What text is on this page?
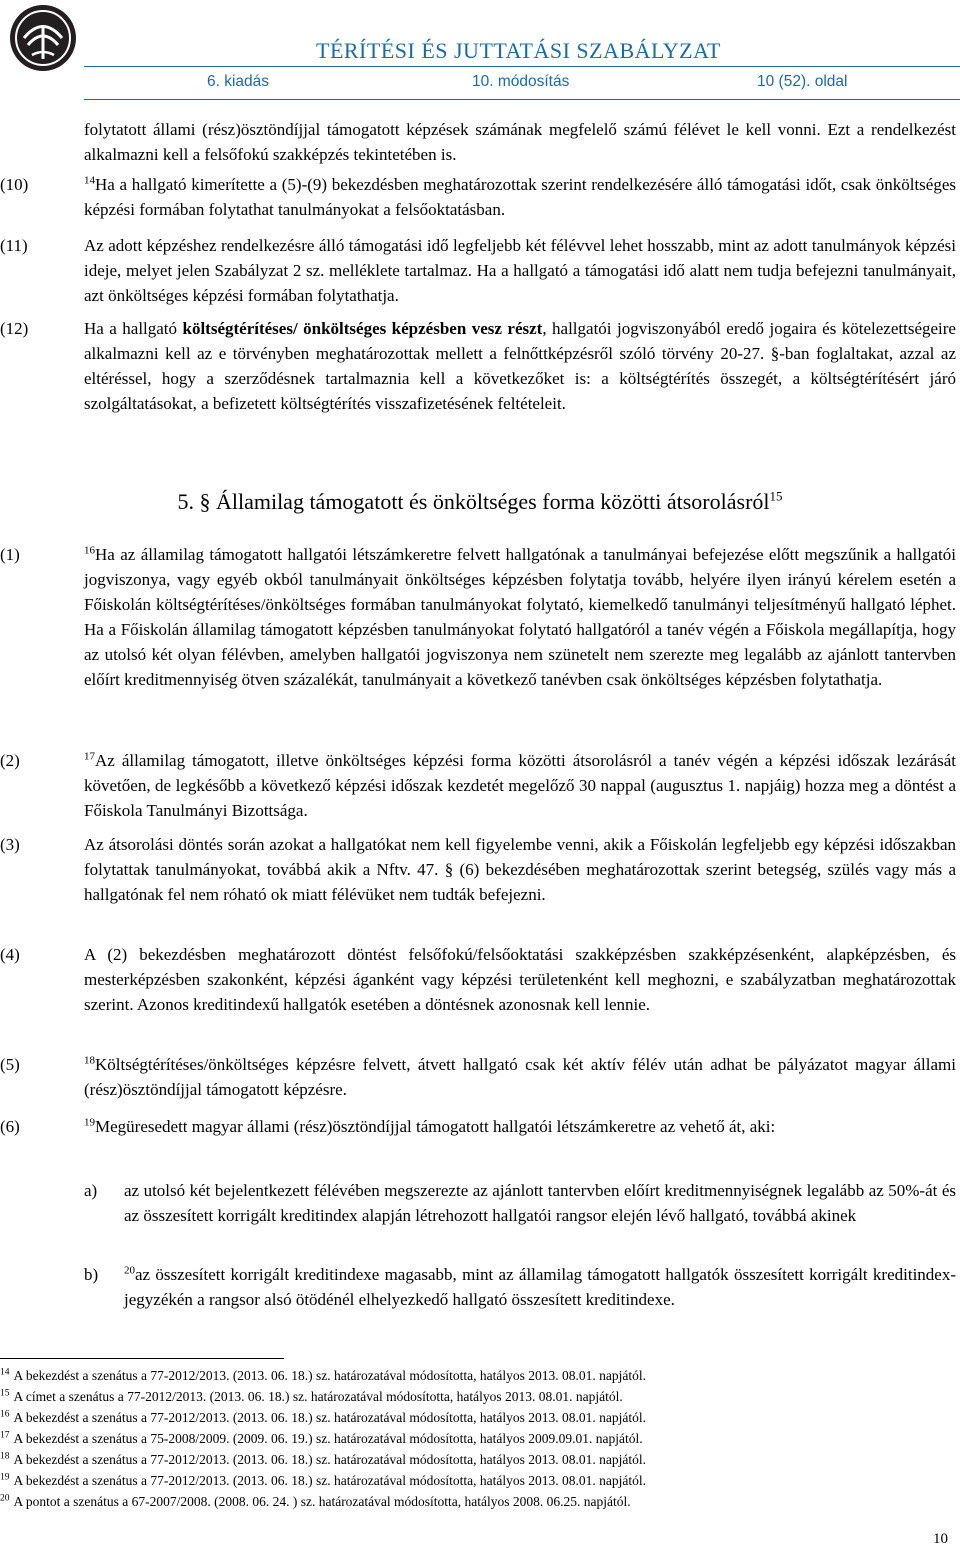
TÉRÍTÉSI ÉS JUTTATÁSI SZABÁLYZAT
6. kiadás	10. módosítás	10 (52). oldal
folytatott állami (rész)ösztöndíjjal támogatott képzések számának megfelelő számú félévet le kell vonni. Ezt a rendelkezést alkalmazni kell a felsőfokú szakképzés tekintetében is.
(10)	$^{14}$Ha a hallgató kimerítette a (5)-(9) bekezdésben meghatározottak szerint rendelkezésére álló támogatási időt, csak önköltséges képzési formában folytathat tanulmányokat a felsőoktatásban.
(11)	Az adott képzéshez rendelkezésre álló támogatási idő legfeljebb két félévvel lehet hosszabb, mint az adott tanulmányok képzési ideje, melyet jelen Szabályzat 2 sz. melléklete tartalmaz. Ha a hallgató a támogatási idő alatt nem tudja befejezni tanulmányait, azt önköltséges képzési formában folytathatja.
(12)	Ha a hallgató költségtérítéses/ önköltséges képzésben vesz részt, hallgatói jogviszonyából eredő jogaira és kötelezettségeire alkalmazni kell az e törvényben meghatározottak mellett a felnőttképzésről szóló törvény 20-27. §-ban foglaltakat, azzal az eltéréssel, hogy a szerződésnek tartalmaznia kell a következőket is: a költségtérítés összegét, a költségtérítésért járó szolgáltatásokat, a befizetett költségtérítés visszafizetésének feltételeit.
5. § Államilag támogatott és önköltséges forma közötti átsorolásról$^{15}$
(1)	$^{16}$Ha az államilag támogatott hallgatói létszámkeretre felvett hallgatónak a tanulmányai befejezése előtt megszűnik a hallgatói jogviszonya, vagy egyéb okból tanulmányait önköltséges képzésben folytatja tovább, helyére ilyen irányú kérelem esetén a Főiskolán költségtérítéses/önköltséges formában tanulmányokat folytató, kiemelkedő tanulmányi teljesítményű hallgató léphet. Ha a Főiskolán államilag támogatott képzésben tanulmányokat folytató hallgatóról a tanév végén a Főiskola megállapítja, hogy az utolsó két olyan félévben, amelyben hallgatói jogviszonya nem szünetelt nem szerezte meg legalább az ajánlott tantervben előírt kreditmennyiség ötven százalékát, tanulmányait a következő tanévben csak önköltséges képzésben folytathatja.
(2)	$^{17}$Az államilag támogatott, illetve önköltséges képzési forma közötti átsorolásról a tanév végén a képzési időszak lezárását követően, de legkésőbb a következő képzési időszak kezdetét megelőző 30 nappal (augusztus 1. napjáig) hozza meg a döntést a Főiskola Tanulmányi Bizottsága.
(3)	Az átsorolási döntés során azokat a hallgatókat nem kell figyelembe venni, akik a Főiskolán legfeljebb egy képzési időszakban folytattak tanulmányokat, továbbá akik a Nftv. 47. § (6) bekezdésében meghatározottak szerint betegség, szülés vagy más a hallgatónak fel nem róható ok miatt félévüket nem tudták befejezni.
(4)	A (2) bekezdésben meghatározott döntést felsőfokú/felsőoktatási szakképzésben szakképzésenként, alapképzésben, és mesterképzésben szakonként, képzési áganként vagy képzési területenként kell meghozni, e szabályzatban meghatározottak szerint. Azonos kreditindexű hallgatók esetében a döntésnek azonosnak kell lennie.
(5)	$^{18}$Költségtérítéses/önköltséges képzésre felvett, átvett hallgató csak két aktív félév után adhat be pályázatot magyar állami (rész)ösztöndíjjal támogatott képzésre.
(6)	$^{19}$Megüresedett magyar állami (rész)ösztöndíjjal támogatott hallgatói létszámkeretre az vehető át, aki:
a) az utolsó két bejelentkezett félévében megszerezte az ajánlott tantervben előírt kreditmennyiségnek legalább az 50%-át és az összesített korrigált kreditindex alapján létrehozott hallgatói rangsor elején lévő hallgató, továbbá akinek
b) $^{20}$az összesített korrigált kreditindexe magasabb, mint az államilag támogatott hallgatók összesített korrigált kreditindex-jegyzékén a rangsor alsó ötödénél elhelyezkedő hallgató összesített kreditindexe.
$^{14}$ A bekezdést a szenátus a 77-2012/2013. (2013. 06. 18.) sz. határozatával módosította, hatályos 2013. 08.01. napjától.
$^{15}$ A címet a szenátus a 77-2012/2013. (2013. 06. 18.) sz. határozatával módosította, hatályos 2013. 08.01. napjától.
$^{16}$ A bekezdést a szenátus a 77-2012/2013. (2013. 06. 18.) sz. határozatával módosította, hatályos 2013. 08.01. napjától.
$^{17}$ A bekezdést a szenátus a 75-2008/2009. (2009. 06. 19.) sz. határozatával módosította, hatályos 2009.09.01. napjától.
$^{18}$ A bekezdést a szenátus a 77-2012/2013. (2013. 06. 18.) sz. határozatával módosította, hatályos 2013. 08.01. napjától.
$^{19}$ A bekezdést a szenátus a 77-2012/2013. (2013. 06. 18.) sz. határozatával módosította, hatályos 2013. 08.01. napjától.
$^{20}$ A pontot a szenátus a 67-2007/2008. (2008. 06. 24. ) sz. határozatával módosította, hatályos 2008. 06.25. napjától.
10
